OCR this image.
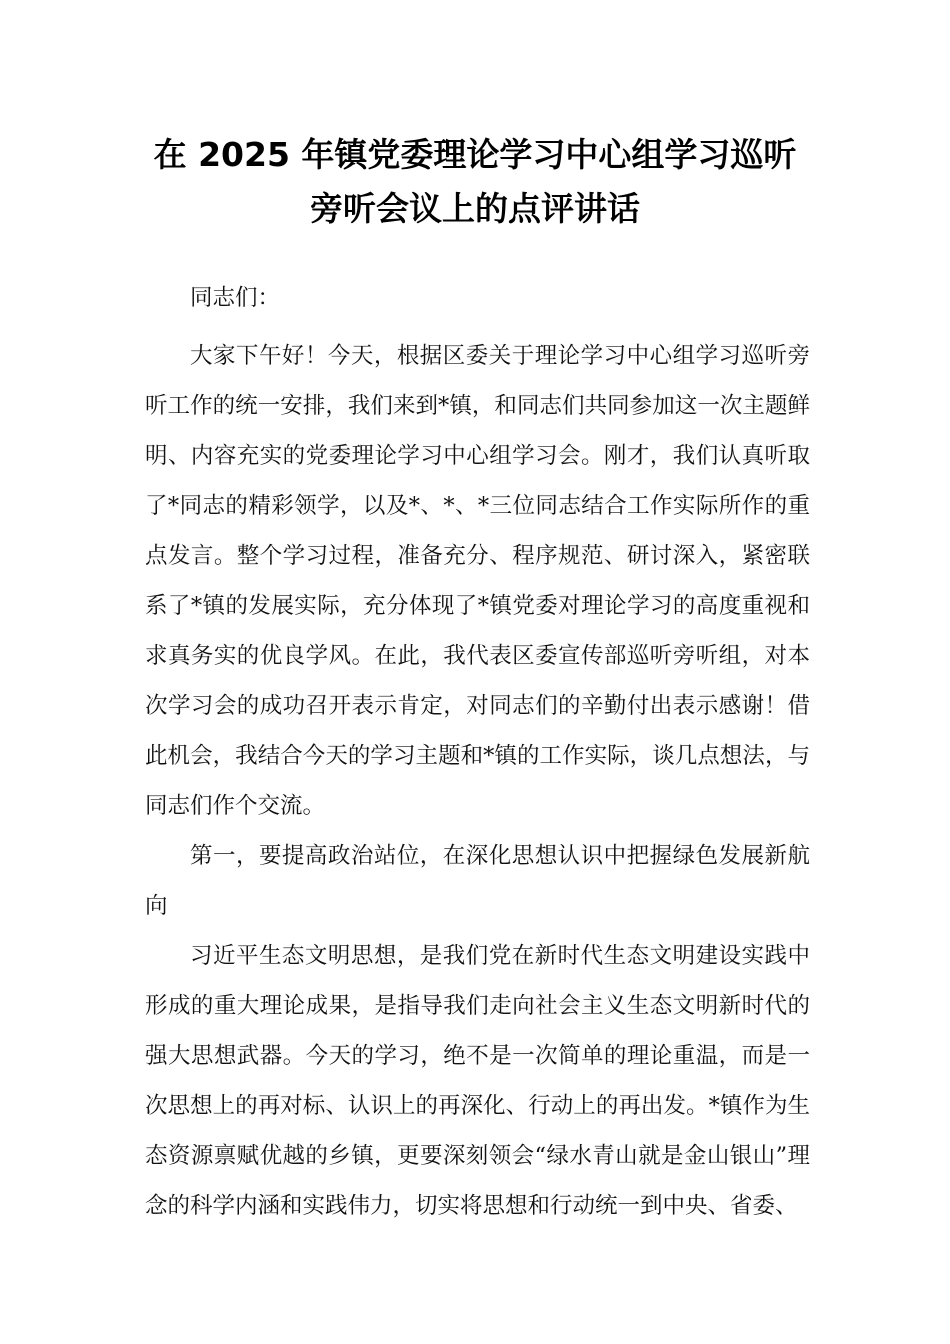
在 2025 年镇党委理论学习中心组学习巡听
旁听会议上的点评讲话

同志们：

大家下午好！今天，根据区委关于理论学习中心组学习巡听旁听工作的统一安排，我们来到*镇，和同志们共同参加这一次主题鲜明、内容充实的党委理论学习中心组学习会。刚才，我们认真听取了*同志的精彩领学，以及*、*、*三位同志结合工作实际所作的重点发言。整个学习过程，准备充分、程序规范、研讨深入，紧密联系了*镇的发展实际，充分体现了*镇党委对理论学习的高度重视和求真务实的优良学风。在此，我代表区委宣传部巡听旁听组，对本次学习会的成功召开表示肯定，对同志们的辛勤付出表示感谢！借此机会，我结合今天的学习主题和*镇的工作实际，谈几点想法，与同志们作个交流。

第一，要提高政治站位，在深化思想认识中把握绿色发展新航向

习近平生态文明思想，是我们党在新时代生态文明建设实践中形成的重大理论成果，是指导我们走向社会主义生态文明新时代的强大思想武器。今天的学习，绝不是一次简单的理论重温，而是一次思想上的再对标、认识上的再深化、行动上的再出发。*镇作为生态资源禀赋优越的乡镇，更要深刻领会“绿水青山就是金山银山”理念的科学内涵和实践伟力，切实将思想和行动统一到中央、省委、
